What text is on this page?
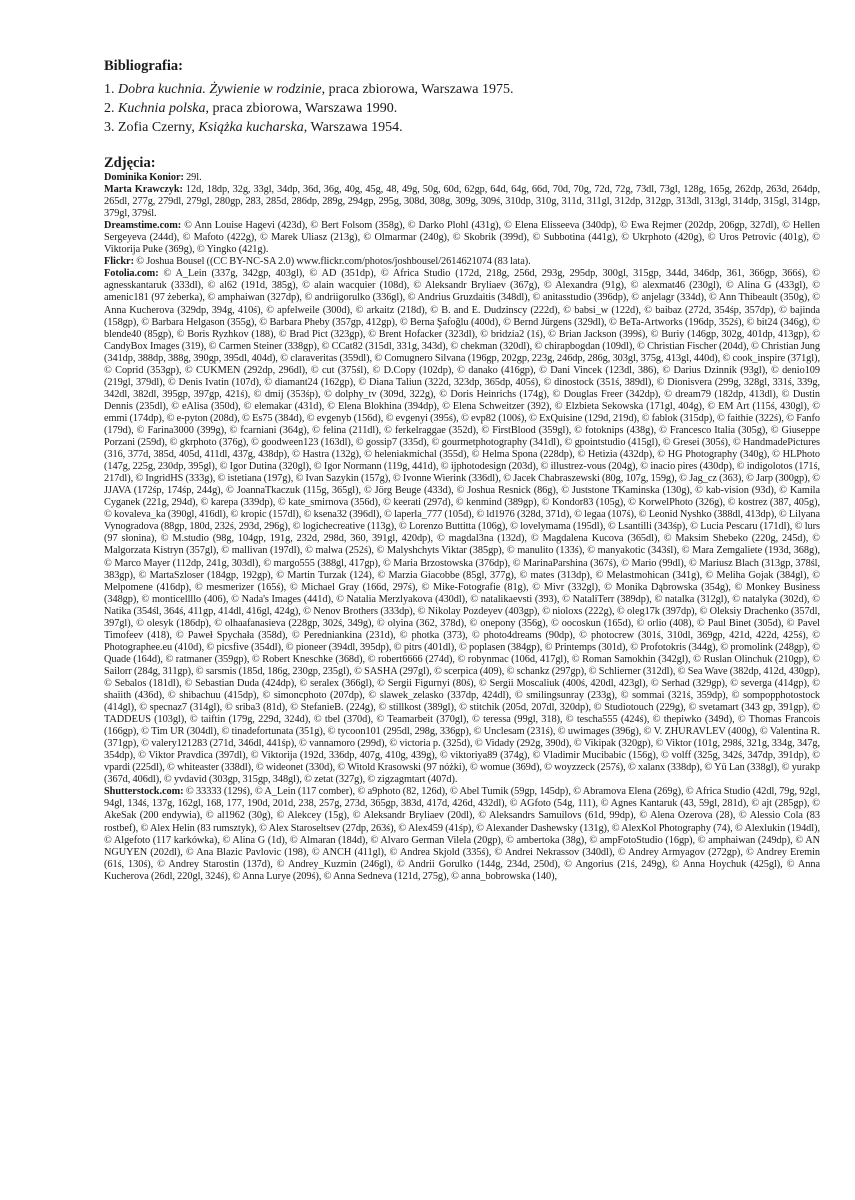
Bibliografia:
1. Dobra kuchnia. Żywienie w rodzinie, praca zbiorowa, Warszawa 1975.
2. Kuchnia polska, praca zbiorowa, Warszawa 1990.
3. Zofia Czerny, Książka kucharska, Warszawa 1954.
Zdjęcia:

Dominika Konior: 29l.

Marta Krawczyk: 12d, 18dp, 32g, 33gl, 34dp, 36d, 36g, 40g, 45g, 48, 49g, 50g, 60d, 62gp, 64d, 64g, 66d, 70d, 70g, 72d, 72g, 73dl, 73gl, 128g, 165g, 262dp, 263d, 264dp, 265dl, 277g, 279dl, 279gl, 280gp, 283, 285d, 286dp, 289g, 294gp, 295g, 308d, 308g, 309g, 309ś, 310dp, 310g, 311d, 311gl, 312dp, 312gp, 313dl, 313gl, 314dp, 315gl, 314gp, 379gl, 379śl.

Dreamstime.com: © Ann Louise Hagevi (423d), © Bert Folsom (358g), © Darko Plohl (431g), © Elena Elisseeva (340dp), © Ewa Rejmer (202dp, 206gp, 327dl), © Hellen Sergeyeva (244d), © Mafoto (422g), © Marek Uliasz (213g), © Olmarmar (240g), © Skobrik (399d), © Subbotina (441g), © Ukrphoto (420g), © Uros Petrovic (401g), © Viktorija Puke (369g), © Yingko (421g).

Flickr: © Joshua Bousel ((CC BY-NC-SA 2.0) www.flickr.com/photos/joshbousel/2614621074 (83 lata).

Fotolia.com: © A_Lein (337g, 342gp, 403gl), © AD (351dp), © Africa Studio (172d, 218g, 256d, 293g, 295dp, 300gl, 315gp, 344d, 346dp, 361, 366gp, 366ś), © agnesskantaruk (333dl), © al62 (191d, 385g), © alain wacquier (108d), © Aleksandr Bryliaev (367g), © Alexandra (91g), © alexmat46 (230gl), © Alina G (433gl), © amenic181 (97 żeberka), © amphaiwan (327dp), © andriigorulko (336gl), © Andrius Gruzdaitis (348dl), © anitasstudio (396dp), © anjelagr (334d), © Ann Thibeault (350g), © Anna Kucherova (329dp, 394g, 410ś), © apfelweile (300d), © arkaitz (218d), © B. and E. Dudzinscy (222d), © babsi_w (122d), © baibaz (272d, 354śp, 357dp), © bajinda (158gp), © Barbara Helgason (355g), © Barbara Pheby (357gp, 412gp), © Berna Şafoğlu (400d), © Bernd Jürgens (329dl), © BeTa-Artworks (196dp, 352ś), © bit24 (346g), © blende40 (85gp), © Boris Ryzhkov (188), © Brad Pict (323gp), © Brent Hofacker (323dl), © bridzia2 (1ś), © Brian Jackson (399ś), © Buriy (146gp, 302g, 401dp, 413gp), © CandyBox Images (319), © Carmen Steiner (338gp), © CCat82 (315dl, 331g, 343d), © chekman (320dl), © chirapbogdan (109dl), © Christian Fischer (204d), © Christian Jung (341dp, 388dp, 388g, 390gp, 395dl, 404d), © claraveritas (359dl), © Comugnero Silvana (196gp, 202gp, 223g, 246dp, 286g, 303gl, 375g, 413gl, 440d), © cook_inspire (371gl), © Coprid (353gp), © CUKMEN (292dp, 296dl), © cut (375śl), © D.Copy (102dp), © danako (416gp), © Dani Vincek (123dl, 386), © Darius Dzinnik (93gl), © denio109 (219gl, 379dl), © Denis Ivatin (107d), © diamant24 (162gp), © Diana Taliun (322d, 323dp, 365dp, 405ś), © dinostock (351ś, 389dl), © Dionisvera (299g, 328gl, 331ś, 339g, 342dl, 382dl, 395gp, 397gp, 421ś), © dmij (353śp), © dolphy_tv (309d, 322g), © Doris Heinrichs (174g), © Douglas Freer (342dp), © dream79 (182dp, 413dl), © Dustin Dennis (235dl), © eAlisa (350d), © elemakar (431d), © Elena Blokhina (394dp), © Elena Schweitzer (392), © Elzbieta Sekowska (171gl, 404g), © EM Art (115ś, 430gl), © emmi (174dp), © e-pyton (208d), © Es75 (384d), © evgenyb (156d), © evgenyi (395ś), © evp82 (100ś), © ExQuisine (129d, 219d), © fablok (315dp), © faithie (322ś), © Fanfo (179d), © Farina3000 (399g), © fcarniani (364g), © felina (211dl), © ferkelraggae (352d), © FirstBlood (359gl), © fotoknips (438g), © Francesco Italia (305g), © Giuseppe Porzani (259d), © gkrphoto (376g), © goodween123 (163dl), © gossip7 (335d), © gourmetphotography (341dl), © gpointstudio (415gl), © Gresei (305ś), © HandmadePictures (316, 377d, 385d, 405d, 411dl, 437g, 438dp), © Hastra (132g), © heleniakmichal (355d), © Helma Spona (228dp), © Hetizia (432dp), © HG Photography (340g), © HLPhoto (147g, 225g, 230dp, 395gl), © Igor Dutina (320gl), © Igor Normann (119g, 441d), © ijphotodesign (203d), © illustrez-vous (204g), © inacio pires (430dp), © indigolotos (171ś, 217dl), © IngridHS (333g), © istetiana (197g), © Ivan Sazykin (157g), © Ivonne Wierink (336dl), © Jacek Chabraszewski (80g, 107g, 159g), © Jag_cz (363), © Jarp (300gp), © JJAVA (172śp, 174śp, 244g), © JoannaTkaczuk (115g, 365gl), © Jörg Beuge (433d), © Joshua Resnick (86g), © Juststone TKaminska (130g), © kab-vision (93d), © Kamila Cyganek (221g, 294d), © karepa (339dp), © kate_smirnova (356d), © keerati (297d), © kenmind (389gp), © Kondor83 (105g), © KorwelPhoto (326g), © kostrez (387, 405g), © kovaleva_ka (390gl, 416dl), © kropic (157dl), © ksena32 (396dl), © laperla_777 (105d), © ld1976 (328d, 371d), © legaa (107ś), © Leonid Nyshko (388dl, 413dp), © Lilyana Vynogradova (88gp, 180d, 232ś, 293d, 296g), © logichecreative (113g), © Lorenzo Buttitta (106g), © lovelymama (195dl), © Lsantilli (343śp), © Lucia Pescaru (171dl), © lurs (97 słonina), © M.studio (98g, 104gp, 191g, 232d, 298d, 360, 391gl, 420dp), © magdal3na (132d), © Magdalena Kucova (365dl), © Maksim Shebeko (220g, 245d), © Malgorzata Kistryn (357gl), © mallivan (197dl), © malwa (252ś), © Malyshchyts Viktar (385gp), © manulito (133ś), © manyakotic (343śl), © Mara Zemgaliete (193d, 368g), © Marco Mayer (112dp, 241g, 303dl), © margo555 (388gl, 417gp), © Maria Brzostowska (376dp), © MarinaParshina (367ś), © Mario (99dl), © Mariusz Blach (313gp, 378śl, 383gp), © MartaSzloser (184gp, 192gp), © Martin Turzak (124), © Marzia Giacobbe (85gl, 377g), © mates (313dp), © Melastmohican (341g), © Meliha Gojak (384gl), © Melpomene (416dp), © mesmerizer (165ś), © Michael Gray (166d, 297ś), © Mike-Fotografie (81g), © Mivr (332gl), © Monika Dąbrowska (354g), © Monkey Business (348gp), © monticellllo (406), © Nada's Images (441d), © Natalia Merzlyakova (430dl), © natalikaevsti (393), © NataliTerr (389dp), © natalka (312gl), © natalyka (302d), © Natika (354śl, 364ś, 411gp, 414dl, 416gl, 424g), © Nenov Brothers (333dp), © Nikolay Pozdeyev (403gp), © nioloxs (222g), © oleg17k (397dp), © Oleksiy Drachenko (357dl, 397gl), © olesyk (186dp), © olhaafanasieva (228gp, 302ś, 349g), © olyina (362, 378d), © onepony (356g), © oocoskun (165d), © orlio (408), © Paul Binet (305d), © Pavel Timofeev (418), © Paweł Spychała (358d), © Peredniankina (231d), © photka (373), © photo4dreams (90dp), © photocrew (301ś, 310dl, 369gp, 421d, 422d, 425ś), © Photographee.eu (410d), © picsfive (354dl), © pioneer (394dl, 395dp), © pitrs (401dl), © poplasen (384gp), © Printemps (301d), © Profotokris (344g), © promolink (248gp), © Quade (164d), © ratmaner (359gp), © Robert Kneschke (368d), © robert6666 (274d), © robynmac (106d, 417gl), © Roman Samokhin (342gl), © Ruslan Olinchuk (210gp), © Sailorr (284g, 311gp), © sarsmis (185d, 186g, 230gp, 235gl), © SASHA (297gl), © scerpica (409), © schankz (297gp), © Schlierner (312dl), © Sea Wave (382dp, 412d, 430gp), © Sebalos (181dl), © Sebastian Duda (424dp), © seralex (366gl), © Sergii Figurnyi (80ś), © Sergii Moscaliuk (400ś, 420dl, 423gl), © Serhad (329gp), © severga (414gp), © shaiith (436d), © shibachuu (415dp), © simoncphoto (207dp), © slawek_zelasko (337dp, 424dl), © smilingsunray (233g), © sommai (321ś, 359dp), © sompopphotostock (414gl), © specnaz7 (314gl), © sriba3 (81d), © StefanieB. (224g), © stillkost (389gl), © stitchik (205d, 207dl, 320dp), © Studiotouch (229g), © svetamart (343 gp, 391gp), © TADDEUS (103gl), © taiftin (179g, 229d, 324d), © tbel (370d), © Teamarbeit (370gl), © teressa (99gl, 318), © tescha555 (424ś), © thepiwko (349d), © Thomas Francois (166gp), © Tim UR (304dl), © tinadefortunata (351g), © tycoon101 (295dl, 298g, 336gp), © Unclesam (231ś), © uwimages (396g), © V. ZHURAVLEV (400g), © Valentina R. (371gp), © valery121283 (271d, 346dl, 441śp), © vannamoro (299d), © victoria p. (325d), © Vidady (292g, 390d), © Vikipak (320gp), © Viktor (101g, 298ś, 321g, 334g, 347g, 354dp), © Viktor Pravdica (397dl), © Viktorija (192d, 336dp, 407g, 410g, 439g), © viktoriya89 (374g), © Vladimir Mucibabic (156g), © volff (325g, 342ś, 347dp, 391dp), © vpardi (225dl), © whiteaster (338dl), © wideonet (330d), © Witold Krasowski (97 nóżki), © womue (369d), © woyzzeck (257ś), © xalanx (338dp), © Yü Lan (338gl), © yurakp (367d, 406dl), © yvdavid (303gp, 315gp, 348gl), © zetat (327g), © zigzagmtart (407d).

Shutterstock.com: © 33333 (129ś), © A_Lein (117 comber), © a9photo (82, 126d), © Abel Tumik (59gp, 145dp), © Abramova Elena (269g), © Africa Studio (42dl, 79g, 92gl, 94gl, 134ś, 137g, 162gl, 168, 177, 190d, 201d, 238, 257g, 273d, 365gp, 383d, 417d, 426d, 432dl), © AGfoto (54g, 111), © Agnes Kantaruk (43, 59gl, 281d), © ajt (285gp), © AkeSak (200 endywia), © al1962 (30g), © Alekcey (15g), © Aleksandr Bryliaev (20dl), © Aleksandrs Samuilovs (61d, 99dp), © Alena Ozerova (28), © Alessio Cola (83 rostbef), © Alex Helin (83 rumsztyk), © Alex Staroseltsev (27dp, 263ś), © Alex459 (41śp), © Alexander Dashewsky (131g), © AlexKol Photography (74), © Alexlukin (194dl), © Algefoto (117 karkówka), © Alina G (1d), © Almaran (184d), © Alvaro German Vilela (20gp), © ambertoka (38g), © ampFotoStudio (16gp), © amphaiwan (249dp), © AN NGUYEN (202dl), © Ana Blazic Pavlovic (198), © ANCH (411gl), © Andrea Skjold (335ś), © Andrei Nekrassov (340dl), © Andrey Armyagov (272gp), © Andrey Eremin (61ś, 130ś), © Andrey Starostin (137d), © Andrey_Kuzmin (246gl), © Andrii Gorulko (144g, 234d, 250d), © Angorius (21ś, 249g), © Anna Hoychuk (425gl), © Anna Kucherova (26dl, 220gl, 324ś), © Anna Lurye (209ś), © Anna Sedneva (121d, 275g), © anna_bobrowska (140),
